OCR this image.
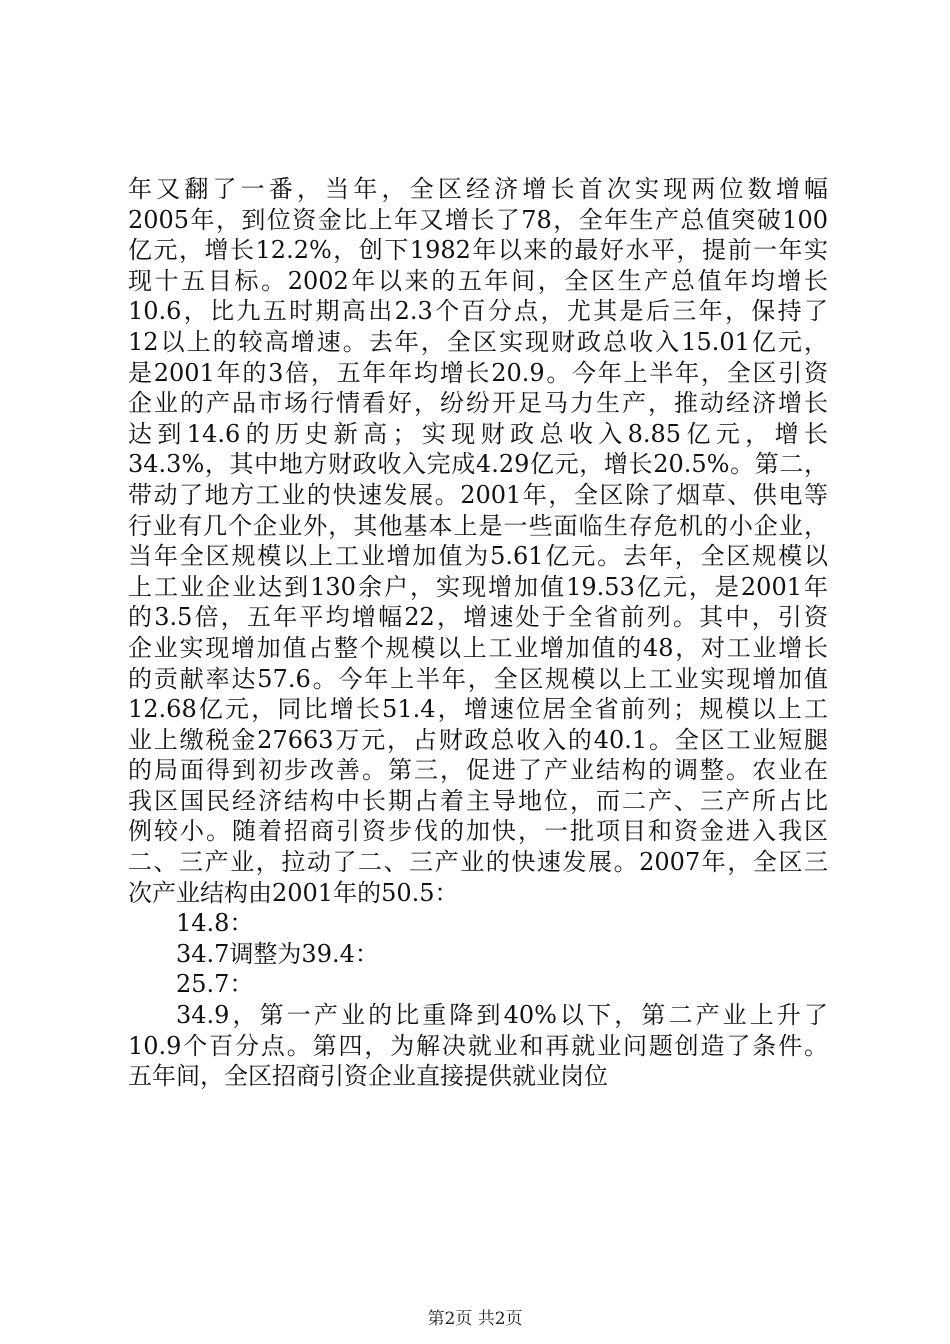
年又翻了一番，当年，全区经济增长首次实现两位数增幅
2005年，到位资金比上年又增长了78，全年生产总值突破100
亿元，增长12.2%，创下1982年以来的最好水平，提前一年实
现十五目标。2002年以来的五年间，全区生产总值年均增长
10.6，比九五时期高出2.3个百分点，尤其是后三年，保持了
12以上的较高增速。去年，全区实现财政总收入15.01亿元，
是2001年的3倍，五年年均增长20.9。今年上半年，全区引资
企业的产品市场行情看好，纷纷开足马力生产，推动经济增长
达到14.6的历史新高；实现财政总收入8.85亿元，增长
34.3%，其中地方财政收入完成4.29亿元，增长20.5%。第二，
带动了地方工业的快速发展。2001年，全区除了烟草、供电等
行业有几个企业外，其他基本上是一些面临生存危机的小企业，
当年全区规模以上工业增加值为5.61亿元。去年，全区规模以
上工业企业达到130余户，实现增加值19.53亿元，是2001年
的3.5倍，五年平均增幅22，增速处于全省前列。其中，引资
企业实现增加值占整个规模以上工业增加值的48，对工业增长
的贡献率达57.6。今年上半年，全区规模以上工业实现增加值
12.68亿元，同比增长51.4，增速位居全省前列；规模以上工
业上缴税金27663万元，占财政总收入的40.1。全区工业短腿
的局面得到初步改善。第三，促进了产业结构的调整。农业在
我区国民经济结构中长期占着主导地位，而二产、三产所占比
例较小。随着招商引资步伐的加快，一批项目和资金进入我区
二、三产业，拉动了二、三产业的快速发展。2007年，全区三
次产业结构由2001年的50.5：
14.8：
34.7调整为39.4：
25.7：
34.9，第一产业的比重降到40%以下，第二产业上升了
10.9个百分点。第四，为解决就业和再就业问题创造了条件。
五年间，全区招商引资企业直接提供就业岗位
第2页 共2页
